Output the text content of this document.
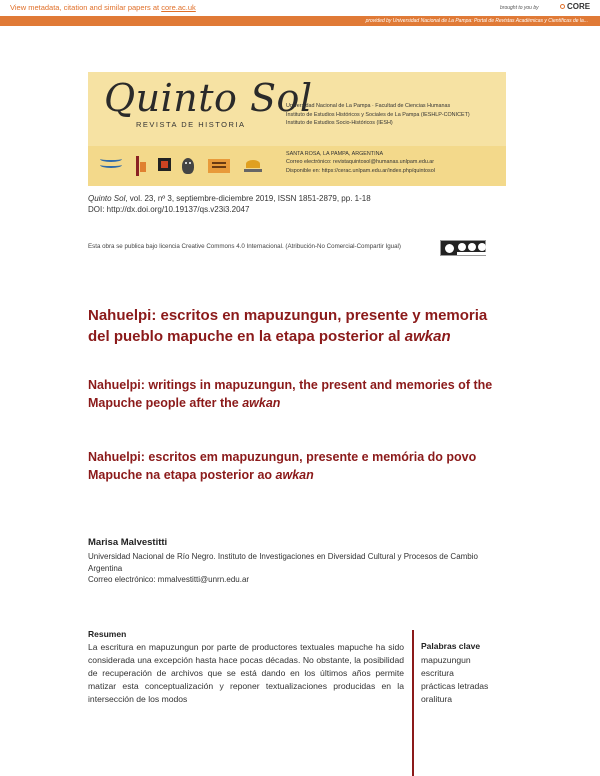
View metadata, citation and similar papers at core.ac.uk	brought to you by	CORE
provided by Universidad Nacional de La Pampa: Portal de Revistas Académicas y Científicas de la...
Quinto Sol
REVISTA DE HISTORIA
Universidad Nacional de La Pampa · Facultad de Ciencias Humanas
Instituto de Estudios Históricos y Sociales de La Pampa (IESHLP-CONICET)
Instituto de Estudios Socio-Históricos (IESH)
SANTA ROSA, LA PAMPA, ARGENTINA
Correo electrónico: revistaquintosol@humanas.unlpam.edu.ar
Disponible en: https://cerac.unlpam.edu.ar/index.php/quintosol
Quinto Sol, vol. 23, nº 3, septiembre-diciembre 2019, ISSN 1851-2879, pp. 1-18
DOI: http://dx.doi.org/10.19137/qs.v23i3.2047
Esta obra se publica bajo licencia Creative Commons 4.0 Internacional. (Atribución-No Comercial-Compartir Igual)
Nahuelpi: escritos en mapuzungun, presente y memoria del pueblo mapuche en la etapa posterior al awkan
Nahuelpi: writings in mapuzungun, the present and memories of the Mapuche people after the awkan
Nahuelpi: escritos em mapuzungun, presente e memória do povo Mapuche na etapa posterior ao awkan
Marisa Malvestitti
Universidad Nacional de Río Negro. Instituto de Investigaciones en Diversidad Cultural y Procesos de Cambio
Argentina
Correo electrónico: mmalvestitti@unrn.edu.ar
Resumen
La escritura en mapuzungun por parte de productores textuales mapuche ha sido considerada una excepción hasta hace pocas décadas. No obstante, la posibilidad de recuperación de archivos que se está dando en los últimos años permite matizar esta conceptualización y reponer textualizaciones producidas en la intersección de los modos
Palabras clave
mapuzungun
escritura
prácticas letradas
oralitura
